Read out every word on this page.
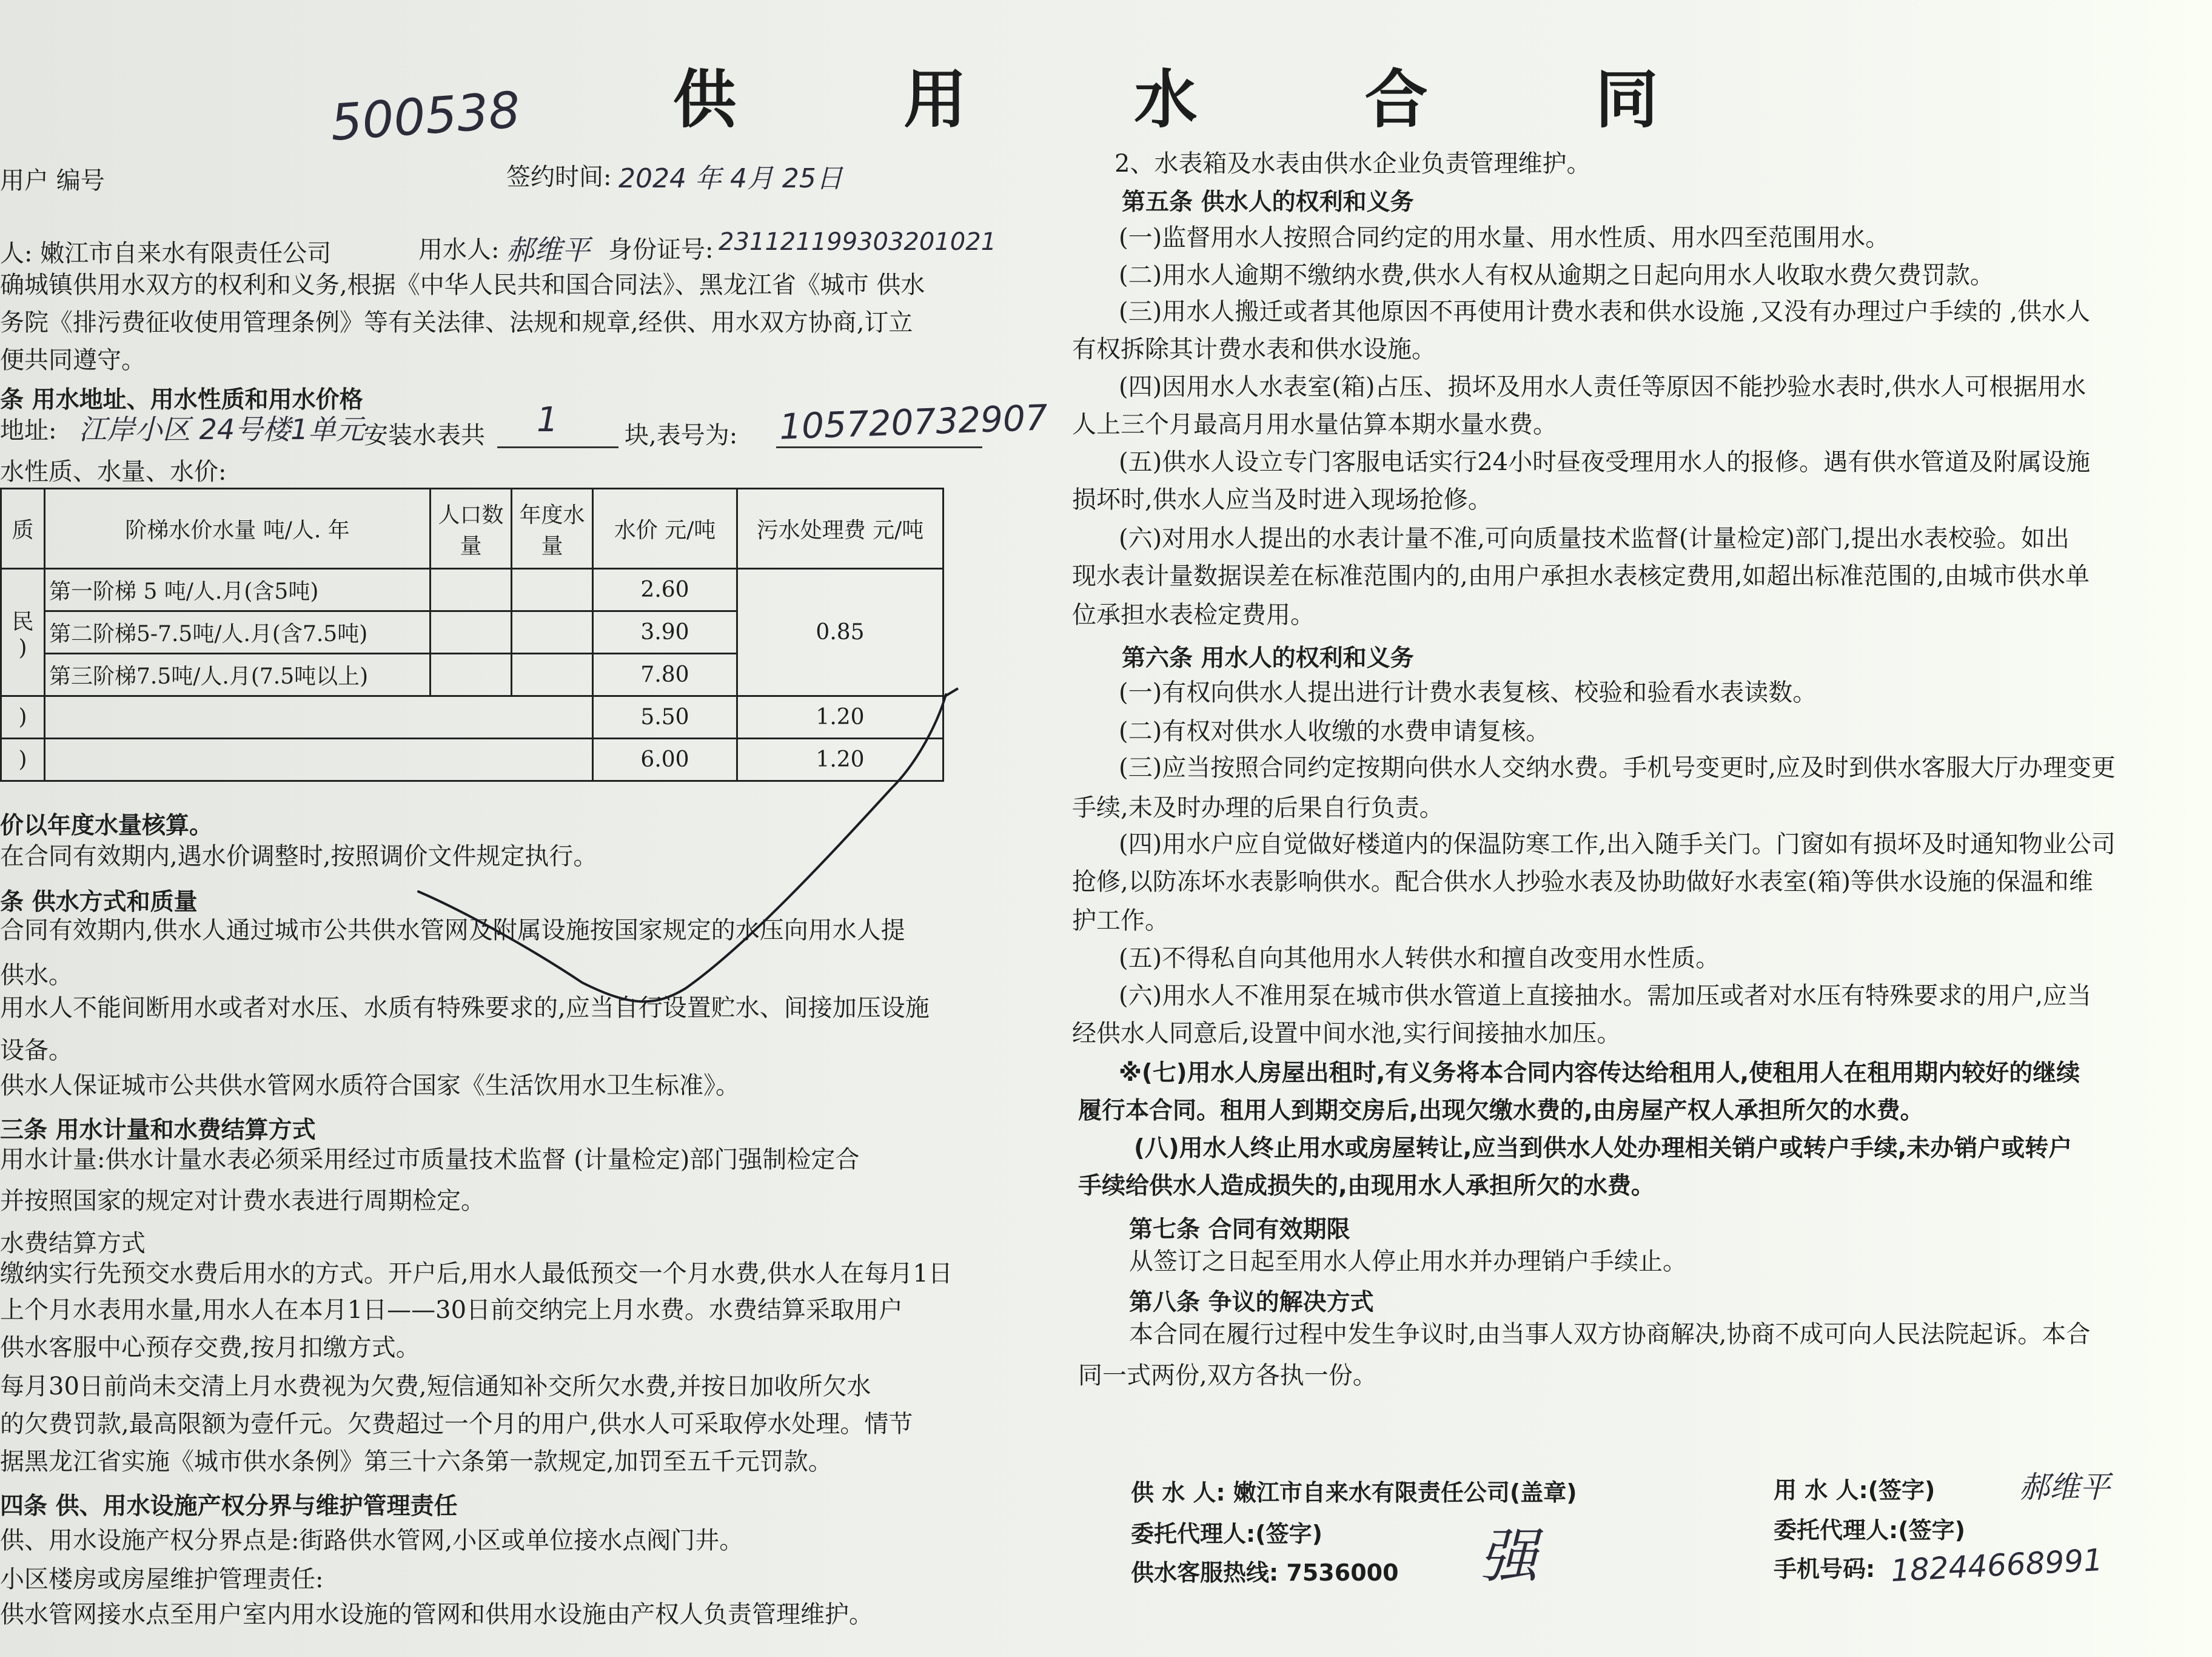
供 用 水 合 同
500538
用户 编号	签约时间: 2024 年 4月 25日
人: 嫩江市自来水有限责任公司	用水人: 郝维平 身份证号: 231121199303201021
确城镇供用水双方的权利和义务,根据《中华人民共和国合同法》、黑龙江省《城市 供水
务院《排污费征收使用管理条例》等有关法律、法规和规章,经供、用水双方协商,订立
便共同遵守。
条 用水地址、用水性质和用水价格
地址: 江岸小区 24号楼1单元 安装水表共 1	块,表号为: 105720732907
水性质、水量、水价:
质	阶梯水价水量 吨/人. 年	人口数量	年度水量	水价 元/吨	污水处理费 元/吨
民
)	第一阶梯 5 吨/人.月(含5吨)			2.60	0.85
	第二阶梯5-7.5吨/人.月(含7.5吨)			3.90	
	第三阶梯7.5吨/人.月(7.5吨以上)			7.80	
)				5.50	1.20
)				6.00	1.20
价以年度水量核算。
在合同有效期内,遇水价调整时,按照调价文件规定执行。
条 供水方式和质量
合同有效期内,供水人通过城市公共供水管网及附属设施按国家规定的水压向用水人提
供水。
用水人不能间断用水或者对水压、水质有特殊要求的,应当自行设置贮水、间接加压设施
设备。
供水人保证城市公共供水管网水质符合国家《生活饮用水卫生标准》。
三条 用水计量和水费结算方式
用水计量:供水计量水表必须采用经过市质量技术监督 (计量检定)部门强制检定合
并按照国家的规定对计费水表进行周期检定。
水费结算方式
缴纳实行先预交水费后用水的方式。开户后,用水人最低预交一个月水费,供水人在每月1日
上个月水表用水量,用水人在本月1日——30日前交纳完上月水费。水费结算采取用户
供水客服中心预存交费,按月扣缴方式。
每月30日前尚未交清上月水费视为欠费,短信通知补交所欠水费,并按日加收所欠水
的欠费罚款,最高限额为壹仟元。欠费超过一个月的用户,供水人可采取停水处理。情节
据黑龙江省实施《城市供水条例》第三十六条第一款规定,加罚至五千元罚款。
四条 供、用水设施产权分界与维护管理责任
供、用水设施产权分界点是:街路供水管网,小区或单位接水点阀门井。
小区楼房或房屋维护管理责任:
供水管网接水点至用户室内用水设施的管网和供用水设施由产权人负责管理维护。
2、水表箱及水表由供水企业负责管理维护。
第五条 供水人的权利和义务
(一)监督用水人按照合同约定的用水量、用水性质、用水四至范围用水。
(二)用水人逾期不缴纳水费,供水人有权从逾期之日起向用水人收取水费欠费罚款。
(三)用水人搬迁或者其他原因不再使用计费水表和供水设施 ,又没有办理过户手续的 ,供水人
有权拆除其计费水表和供水设施。
(四)因用水人水表室(箱)占压、损坏及用水人责任等原因不能抄验水表时,供水人可根据用水
人上三个月最高月用水量估算本期水量水费。
(五)供水人设立专门客服电话实行24小时昼夜受理用水人的报修。遇有供水管道及附属设施
损坏时,供水人应当及时进入现场抢修。
(六)对用水人提出的水表计量不准,可向质量技术监督(计量检定)部门,提出水表校验。如出
现水表计量数据误差在标准范围内的,由用户承担水表核定费用,如超出标准范围的,由城市供水单
位承担水表检定费用。
第六条 用水人的权利和义务
(一)有权向供水人提出进行计费水表复核、校验和验看水表读数。
(二)有权对供水人收缴的水费申请复核。
(三)应当按照合同约定按期向供水人交纳水费。手机号变更时,应及时到供水客服大厅办理变更
手续,未及时办理的后果自行负责。
(四)用水户应自觉做好楼道内的保温防寒工作,出入随手关门。门窗如有损坏及时通知物业公司
抢修,以防冻坏水表影响供水。配合供水人抄验水表及协助做好水表室(箱)等供水设施的保温和维
护工作。
(五)不得私自向其他用水人转供水和擅自改变用水性质。
(六)用水人不准用泵在城市供水管道上直接抽水。需加压或者对水压有特殊要求的用户,应当
经供水人同意后,设置中间水池,实行间接抽水加压。
※(七)用水人房屋出租时,有义务将本合同内容传达给租用人,使租用人在租用期内较好的继续
履行本合同。租用人到期交房后,出现欠缴水费的,由房屋产权人承担所欠的水费。
(八)用水人终止用水或房屋转让,应当到供水人处办理相关销户或转户手续,未办销户或转户
手续给供水人造成损失的,由现用水人承担所欠的水费。
第七条 合同有效期限
从签订之日起至用水人停止用水并办理销户手续止。
第八条 争议的解决方式
本合同在履行过程中发生争议时,由当事人双方协商解决,协商不成可向人民法院起诉。本合
同一式两份,双方各执一份。
供 水 人: 嫩江市自来水有限责任公司(盖章)
委托代理人:(签字)
供水客服热线: 7536000 强
用 水 人:(签字)	郝维平
委托代理人:(签字)
手机号码: 18244668991
